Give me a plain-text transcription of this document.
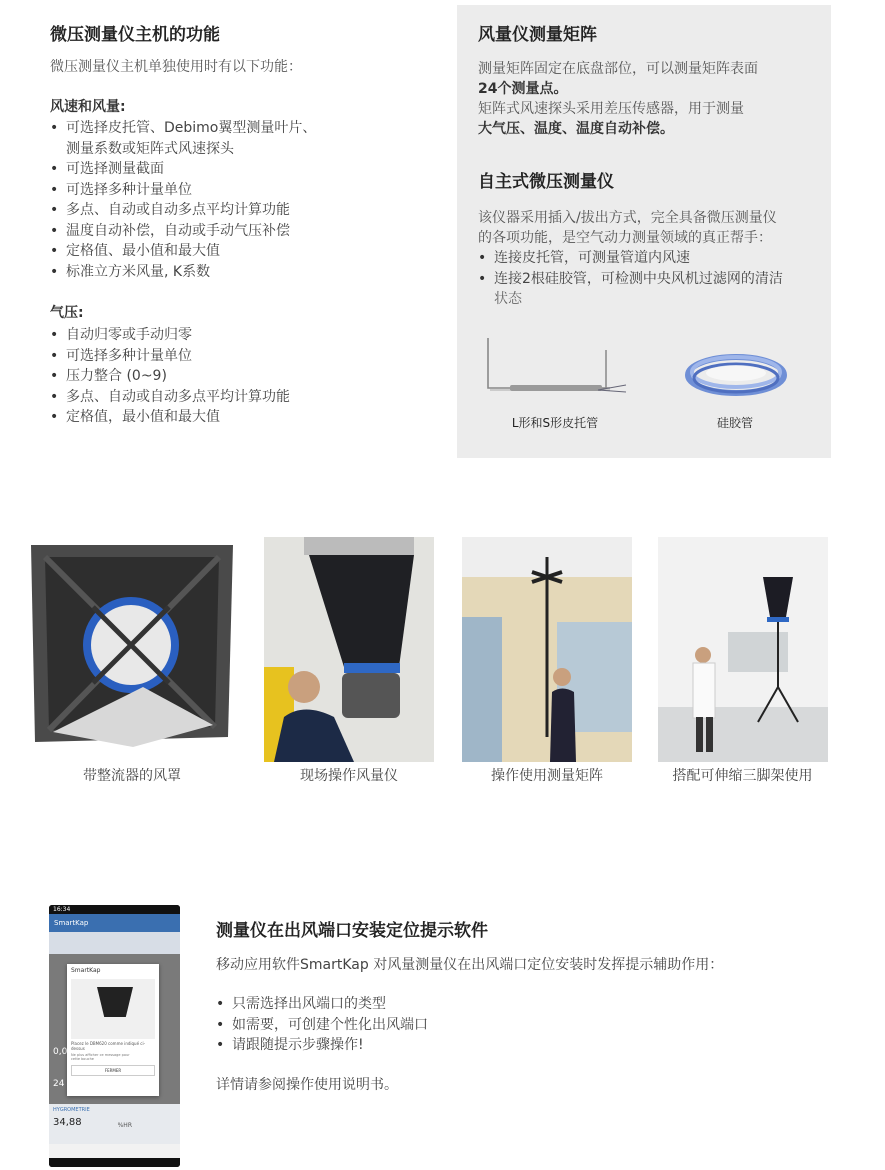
微压测量仪主机的功能

微压测量仪主机单独使用时有以下功能：

风速和风量:

• 可选择皮托管、Debimo翼型测量叶片、
测量系数或矩阵式风速探头
• 可选择测量截面
• 可选择多种计量单位
• 多点、自动或自动多点平均计算功能
• 温度自动补偿，自动或手动气压补偿
• 定格值、最小值和最大值
• 标准立方米风量, K系数

气压:

• 自动归零或手动归零
• 可选择多种计量单位
• 压力整合 (0~9)
• 多点、自动或自动多点平均计算功能
• 定格值，最小值和最大值
风量仪测量矩阵

测量矩阵固定在底盘部位，可以测量矩阵表面

24个测量点。

矩阵式风速探头采用差压传感器，用于测量

大气压、温度、温度自动补偿。

自主式微压测量仪

该仪器采用插入/拔出方式，完全具备微压测量仪

的各项功能，是空气动力测量领域的真正帮手：

• 连接皮托管，可测量管道内风速
• 连接2根硅胶管，可检测中央风机过滤网的清洁
状态
L形和S形皮托管	硅胶管
带整流器的风罩	现场操作风量仪	操作使用测量矩阵	搭配可伸缩三脚架使用
16:34
SmartKap
0,0
24
HYGROMETRIE
34,88	%HR
SmartKap
Placez le DBM620 comme indiqué ci-dessus
Ne plus afficher ce message pour cette bouche
FERMER
测量仪在出风端口安装定位提示软件

移动应用软件SmartKap 对风量测量仪在出风端口定位安装时发挥提示辅助作用：

• 只需选择出风端口的类型
• 如需要，可创建个性化出风端口
• 请跟随提示步骤操作!

详情请参阅操作使用说明书。
